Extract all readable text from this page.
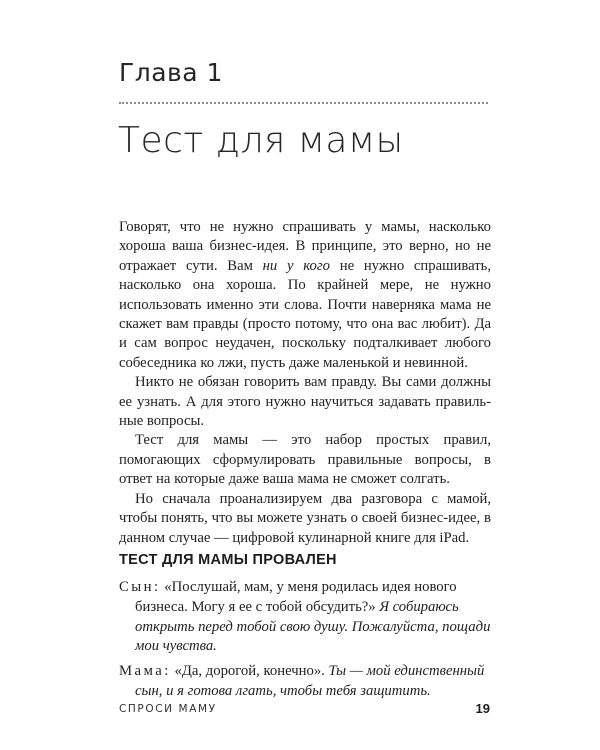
Глава 1
Тест для мамы

Говорят, что не нужно спрашивать у мамы, насколько хороша ваша бизнес-идея. В принципе, это верно, но не отражает сути. Вам ни у кого не нужно спрашивать, насколько она хороша. По крайней мере, не нужно использовать именно эти слова. Почти наверняка мама не скажет вам правды (просто потому, что она вас любит). Да и сам вопрос неудачен, поскольку подталкивает любого собеседника ко лжи, пусть даже маленькой и невинной.

Никто не обязан говорить вам правду. Вы сами должны ее узнать. А для этого нужно научиться задавать правильные вопросы.

Тест для мамы — это набор простых правил, помогающих сформулировать правильные вопросы, в ответ на которые даже ваша мама не сможет солгать.

Но сначала проанализируем два разговора с мамой, чтобы понять, что вы можете узнать о своей бизнес-идее, в данном случае — цифровой кулинарной книге для iPad.

ТЕСТ ДЛЯ МАМЫ ПРОВАЛЕН

Сын: «Послушай, мам, у меня родилась идея нового бизнеса. Могу я ее с тобой обсудить?» Я собираюсь открыть перед тобой свою душу. Пожалуйста, пощади мои чувства.

Мама: «Да, дорогой, конечно». Ты — мой единственный сын, и я готова лгать, чтобы тебя защитить.

СПРОСИ МАМУ	19
